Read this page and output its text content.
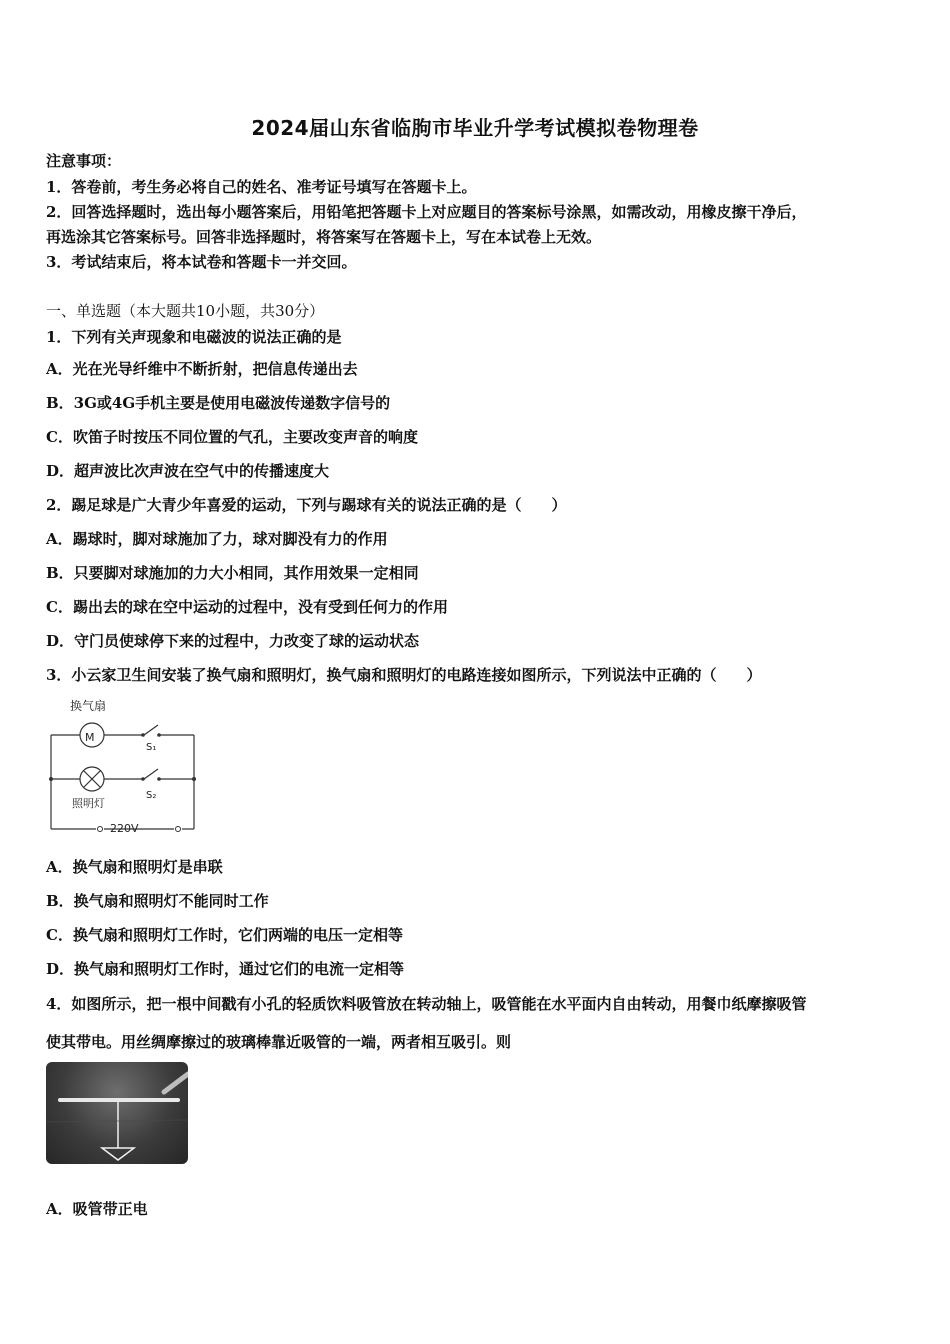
2024届山东省临朐市毕业升学考试模拟卷物理卷
注意事项：
1．答卷前，考生务必将自己的姓名、准考证号填写在答题卡上。
2．回答选择题时，选出每小题答案后，用铅笔把答题卡上对应题目的答案标号涂黑，如需改动，用橡皮擦干净后，
再选涂其它答案标号。回答非选择题时，将答案写在答题卡上，写在本试卷上无效。
3．考试结束后，将本试卷和答题卡一并交回。
一、单选题（本大题共10小题，共30分）
1．下列有关声现象和电磁波的说法正确的是
A．光在光导纤维中不断折射，把信息传递出去
B．3G或4G手机主要是使用电磁波传递数字信号的
C．吹笛子时按压不同位置的气孔，主要改变声音的响度
D．超声波比次声波在空气中的传播速度大
2．踢足球是广大青少年喜爱的运动，下列与踢球有关的说法正确的是（　　）
A．踢球时，脚对球施加了力，球对脚没有力的作用
B．只要脚对球施加的力大小相同，其作用效果一定相同
C．踢出去的球在空中运动的过程中，没有受到任何力的作用
D．守门员使球停下来的过程中，力改变了球的运动状态
3．小云家卫生间安装了换气扇和照明灯，换气扇和照明灯的电路连接如图所示，下列说法中正确的（　　）
换气扇
M
S₁
S₂
照明灯
220V
A．换气扇和照明灯是串联
B．换气扇和照明灯不能同时工作
C．换气扇和照明灯工作时，它们两端的电压一定相等
D．换气扇和照明灯工作时，通过它们的电流一定相等
4．如图所示，把一根中间戳有小孔的轻质饮料吸管放在转动轴上，吸管能在水平面内自由转动，用餐巾纸摩擦吸管
使其带电。用丝绸摩擦过的玻璃棒靠近吸管的一端，两者相互吸引。则
A．吸管带正电
